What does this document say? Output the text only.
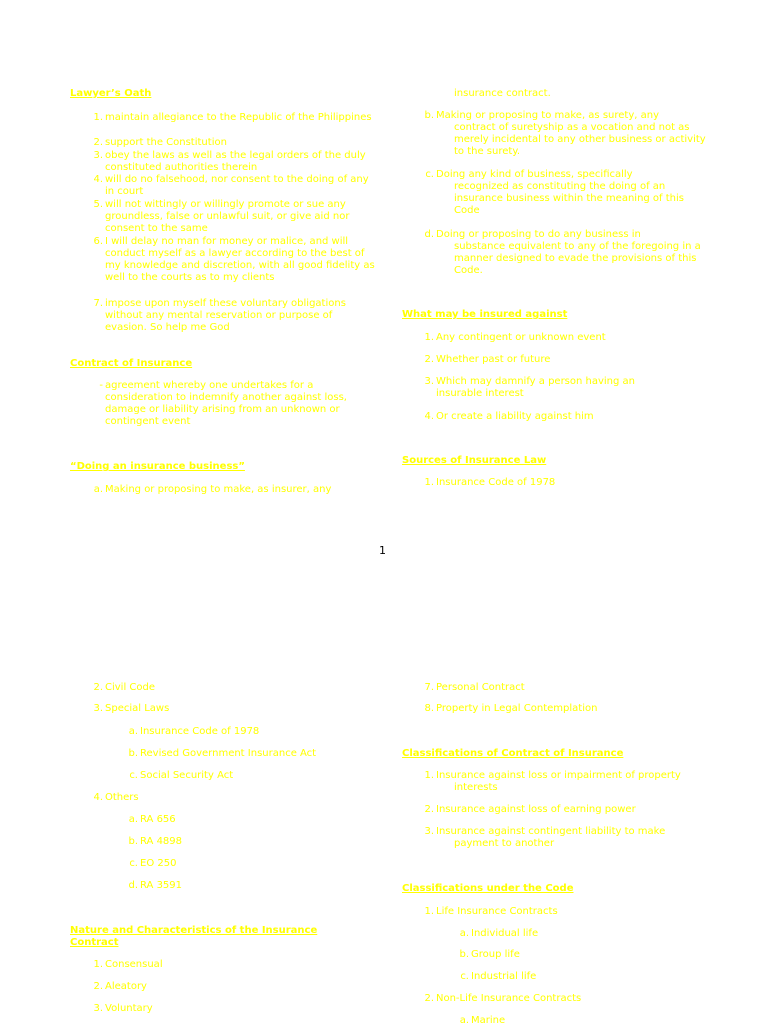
Lawyer’s Oath
1. maintain allegiance to the Republic of the Philippines
2. support the Constitution
3. obey the laws as well as the legal orders of the duly constituted authorities therein
4. will do no falsehood, nor consent to the doing of any in court
5. will not wittingly or willingly promote or sue any groundless, false or unlawful suit, or give aid nor consent to the same
6. I will delay no man for money or malice, and will conduct myself as a lawyer according to the best of my knowledge and discretion, with all good fidelity as well to the courts as to my clients
7. impose upon myself these voluntary obligations without any mental reservation or purpose of evasion. So help me God
Contract of Insurance
- agreement whereby one undertakes for a consideration to indemnify another against loss, damage or liability arising from an unknown or contingent event
“Doing an insurance business”
a. Making or proposing to make, as insurer, any
insurance contract.
b. Making or proposing to make, as surety, any
contract of suretyship as a vocation and not as merely incidental to any other business or activity to the surety.
c. Doing any kind of business, specifically
recognized as constituting the doing of an insurance business within the meaning of this Code
d. Doing or proposing to do any business in
substance equivalent to any of the foregoing in a manner designed to evade the provisions of this Code.
What may be insured against
1. Any contingent or unknown event
2. Whether past or future
3. Which may damnify a person having an insurable interest
4. Or create a liability against him
Sources of Insurance Law
1. Insurance Code of 1978
1
2. Civil Code
3. Special Laws
a. Insurance Code of 1978
b. Revised Government Insurance Act
c. Social Security Act
4. Others
a. RA 656
b. RA 4898
c. EO 250
d. RA 3591
Nature and Characteristics of the Insurance
Contract
1. Consensual
2. Aleatory
3. Voluntary
7. Personal Contract
8. Property in Legal Contemplation
Classifications of Contract of Insurance
1. Insurance against loss or impairment of property
interests
2. Insurance against loss of earning power
3. Insurance against contingent liability to make
payment to another
Classifications under the Code
1. Life Insurance Contracts
a. Individual life
b. Group life
c. Industrial life
2. Non-Life Insurance Contracts
a. Marine
